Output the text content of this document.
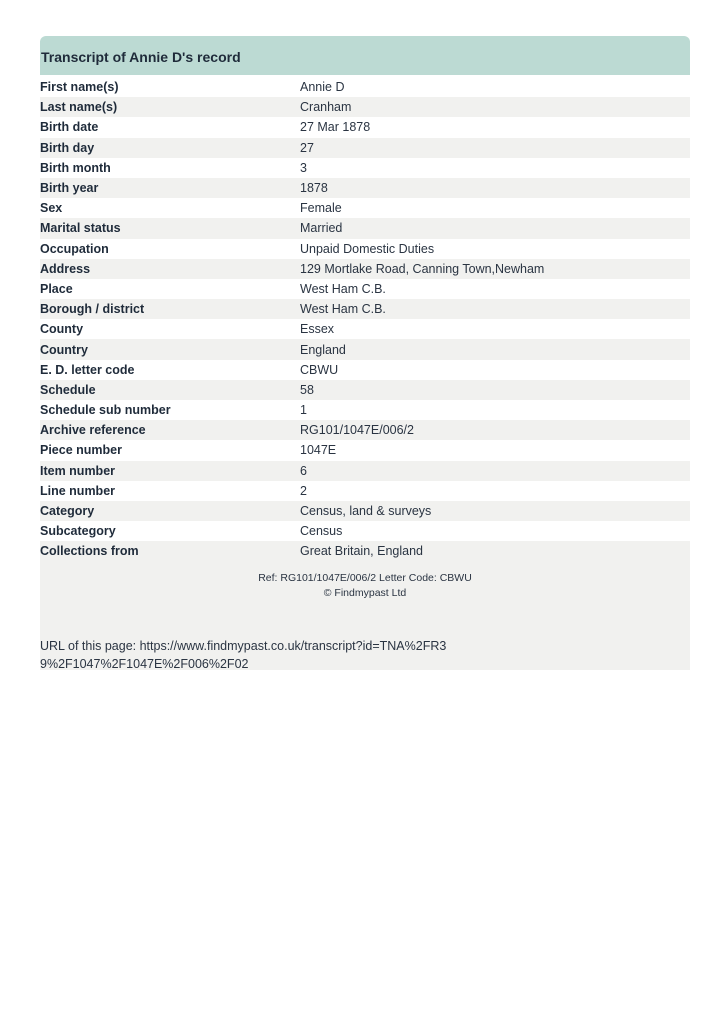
Transcript of Annie D's record
First name(s)	Annie D
Last name(s)	Cranham
Birth date	27 Mar 1878
Birth day	27
Birth month	3
Birth year	1878
Sex	Female
Marital status	Married
Occupation	Unpaid Domestic Duties
Address	129 Mortlake Road, Canning Town,Newham
Place	West Ham C.B.
Borough / district	West Ham C.B.
County	Essex
Country	England
E. D. letter code	CBWU
Schedule	58
Schedule sub number	1
Archive reference	RG101/1047E/006/2
Piece number	1047E
Item number	6
Line number	2
Category	Census, land & surveys
Subcategory	Census
Collections from	Great Britain, England
Ref: RG101/1047E/006/2 Letter Code: CBWU
© Findmypast Ltd
URL of this page: https://www.findmypast.co.uk/transcript?id=TNA%2FR39%2F1047%2F1047E%2F006%2F02
